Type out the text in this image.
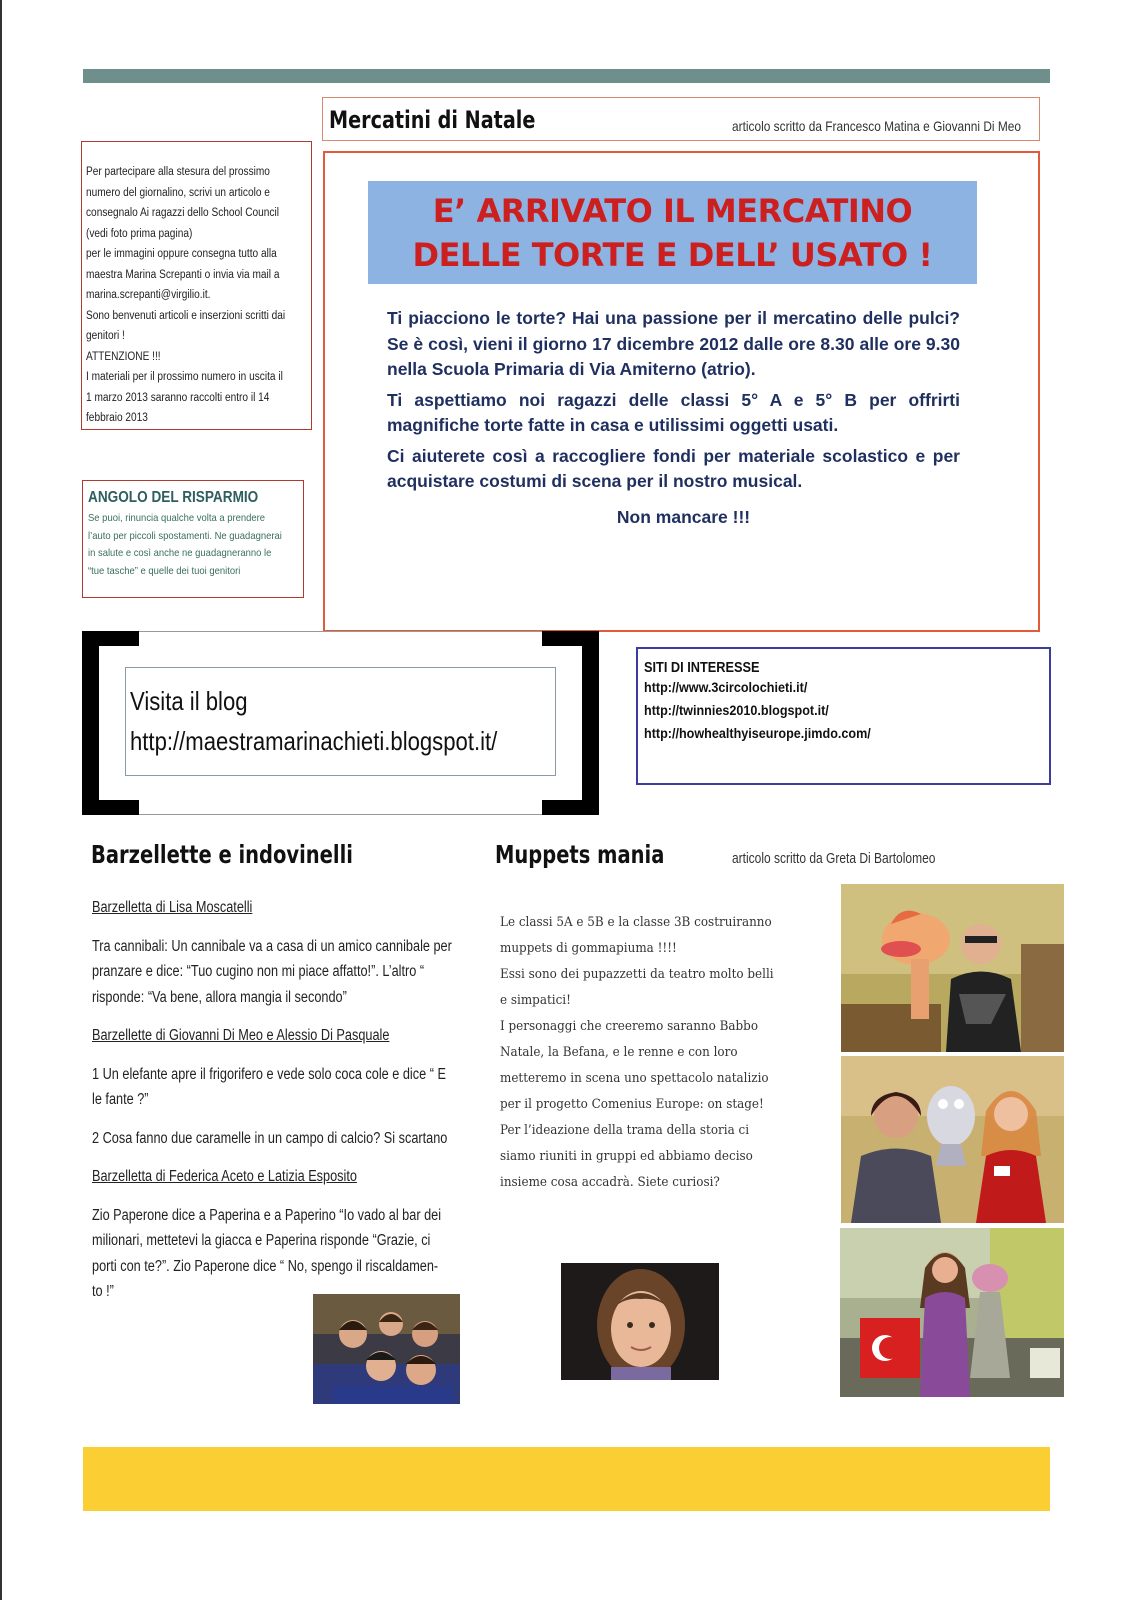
Mercatini di Natale	articolo scritto da Francesco Matina e Giovanni Di Meo
E’ ARRIVATO IL MERCATINO
DELLE TORTE E DELL’ USATO !

Ti piacciono le torte? Hai una passione per il mercatino delle pulci? Se è così, vieni il giorno 17 dicembre 2012 dalle ore 8.30 alle ore 9.30 nella Scuola Primaria di Via Amiterno (atrio).

Ti aspettiamo noi ragazzi delle classi 5° A e 5° B per offrirti magnifiche torte fatte in casa e utilissimi oggetti usati.

Ci aiuterete così a raccogliere fondi per materiale scolastico e per acquistare costumi di scena per il nostro musical.

Non mancare !!!

Per partecipare alla stesura del prossimo
numero del giornalino, scrivi un articolo e
consegnalo Ai ragazzi dello School Council
(vedi foto prima pagina)
per le immagini oppure consegna tutto alla
maestra Marina Screpanti o invia via mail a
marina.screpanti@virgilio.it.
Sono benvenuti articoli e inserzioni scritti dai
genitori !
ATTENZIONE !!!
I materiali per il prossimo numero in uscita il
1 marzo 2013 saranno raccolti entro il 14
febbraio 2013
ANGOLO DEL RISPARMIO
Se puoi, rinuncia qualche volta a prendere
l’auto per piccoli spostamenti. Ne guadagnerai
in salute e così anche ne guadagneranno le
“tue tasche” e quelle dei tuoi genitori
Visita il blog
http://maestramarinachieti.blogspot.it/
SITI DI INTERESSE
http://www.3circolochieti.it/
http://twinnies2010.blogspot.it/
http://howhealthyiseurope.jimdo.com/
Barzellette e indovinelli
Barzelletta di Lisa Moscatelli
Tra cannibali: Un cannibale va a casa di un amico cannibale per
pranzare e dice: “Tuo cugino non mi piace affatto!”. L’altro “
risponde: “Va bene, allora mangia il secondo”
Barzellette di Giovanni Di Meo e Alessio Di Pasquale
1 Un elefante apre il frigorifero e vede solo coca cole e dice “ E
le fante ?”
2 Cosa fanno due caramelle in un campo di calcio? Si scartano
Barzelletta di Federica Aceto e Latizia Esposito
Zio Paperone dice a Paperina e a Paperino “Io vado al bar dei
milionari, mettetevi la giacca e Paperina risponde “Grazie, ci
porti con te?”. Zio Paperone dice “ No, spengo il riscaldamen-
to !”
Muppets mania	articolo scritto da Greta Di Bartolomeo
Le classi 5A e 5B e la classe 3B costruiranno
muppets di gommapiuma !!!!
Essi sono dei pupazzetti da teatro molto belli
e simpatici!
I personaggi che creeremo saranno Babbo
Natale, la Befana, e le renne e con loro
metteremo in scena uno spettacolo natalizio
per il progetto Comenius Europe: on stage!
Per l’ideazione della trama della storia ci
siamo riuniti in gruppi ed abbiamo deciso
insieme cosa accadrà. Siete curiosi?
